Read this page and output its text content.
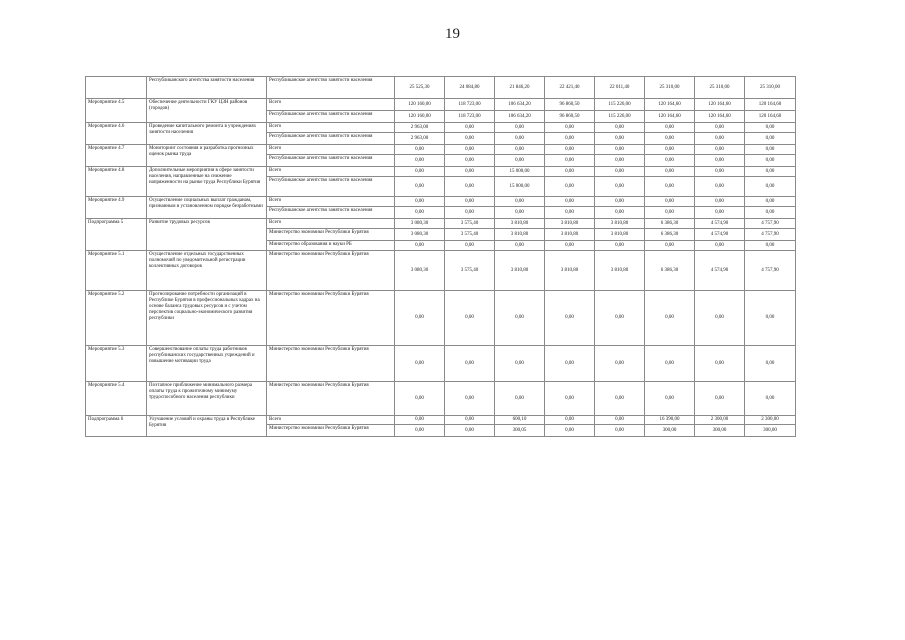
19
	Республиканского агентства занятости населения	Республиканское агентство занятости населения	25 525,30	24 084,80	21 846,20	22 421,40	22 011,40	25 310,00	25 310,00	25 310,00
Мероприятие 4.5	Обеспечение деятельности ГКУ ЦЗН районов (городов)	Всего	120 160,00	118 723,00	106 634,20	96 860,50	115 226,00	120 164,60	120 164,60	120 164,60
		Республиканское агентство занятости населения	120 160,00	118 723,00	106 634,20	96 860,50	115 226,00	120 164,60	120 164,60	120 164,60
Мероприятие 4.6	Проведение капитального ремонта в учреждениях занятости населения	Всего	2 963,00	0,00	0,00	0,00	0,00	0,00	0,00	0,00
		Республиканское агентство занятости населения	2 963,00	0,00	0,00	0,00	0,00	0,00	0,00	0,00
Мероприятие 4.7	Мониторинг состояния и разработка прогнозных оценок рынка труда	Всего	0,00	0,00	0,00	0,00	0,00	0,00	0,00	0,00
		Республиканское агентство занятости населения	0,00	0,00	0,00	0,00	0,00	0,00	0,00	0,00
Мероприятие 4.8	Дополнительные мероприятия в сфере занятости населения, направленные на снижение напряженности на рынке труда Республики Бурятия	Всего	0,00	0,00	15 000,00	0,00	0,00	0,00	0,00	0,00
		Республиканское агентство занятости населения	0,00	0,00	15 000,00	0,00	0,00	0,00	0,00	0,00
Мероприятие 4.9	Осуществление социальных выплат гражданам, признанным в установленном порядке безработными	Всего	0,00	0,00	0,00	0,00	0,00	0,00	0,00	0,00
		Республиканское агентство занятости населения	0,00	0,00	0,00	0,00	0,00	0,00	0,00	0,00
Подпрограмма 5	Развитие трудовых ресурсов	Всего	3 080,30	3 575,40	3 810,80	3 810,80	3 810,80	6 386,30	4 574,90	4 757,90
		Министерство экономики Республики Бурятия	3 080,30	3 575,40	3 810,80	3 810,80	3 810,80	6 386,30	4 574,90	4 757,90
		Министерство образования и науки РБ	0,00	0,00	0,00	0,00	0,00	0,00	0,00	0,00
Мероприятие 5.1	Осуществление отдельных государственных полномочий по уведомительной регистрации коллективных договоров	Министерство экономики Республики Бурятия	3 080,30	3 575,40	3 810,80	3 810,80	3 810,80	6 386,30	4 574,90	4 757,90
Мероприятие 5.2	Прогнозирование потребности организаций в Республике Бурятия в профессиональных кадрах на основе баланса трудовых ресурсов и с учетом перспектив социально-экономического развития республики	Министерство экономики Республики Бурятия	0,00	0,00	0,00	0,00	0,00	0,00	0,00	0,00
Мероприятие 5.3	Совершенствование оплаты труда работников республиканских государственных учреждений и повышение мотивации труда	Министерство экономики Республики Бурятия	0,00	0,00	0,00	0,00	0,00	0,00	0,00	0,00
Мероприятие 5.4	Поэтапное приближение минимального размера оплаты труда к прожиточному минимуму трудоспособного населения республики	Министерство экономики Республики Бурятия	0,00	0,00	0,00	0,00	0,00	0,00	0,00	0,00
Подпрограмма 6	Улучшение условий и охраны труда в Республике Бурятия	Всего	0,00	0,00	600,10	0,00	0,00	16 390,00	2 300,00	2 300,00
		Министерство экономики Республики Бурятия	0,00	0,00	300,05	0,00	0,00	300,00	300,00	300,00
